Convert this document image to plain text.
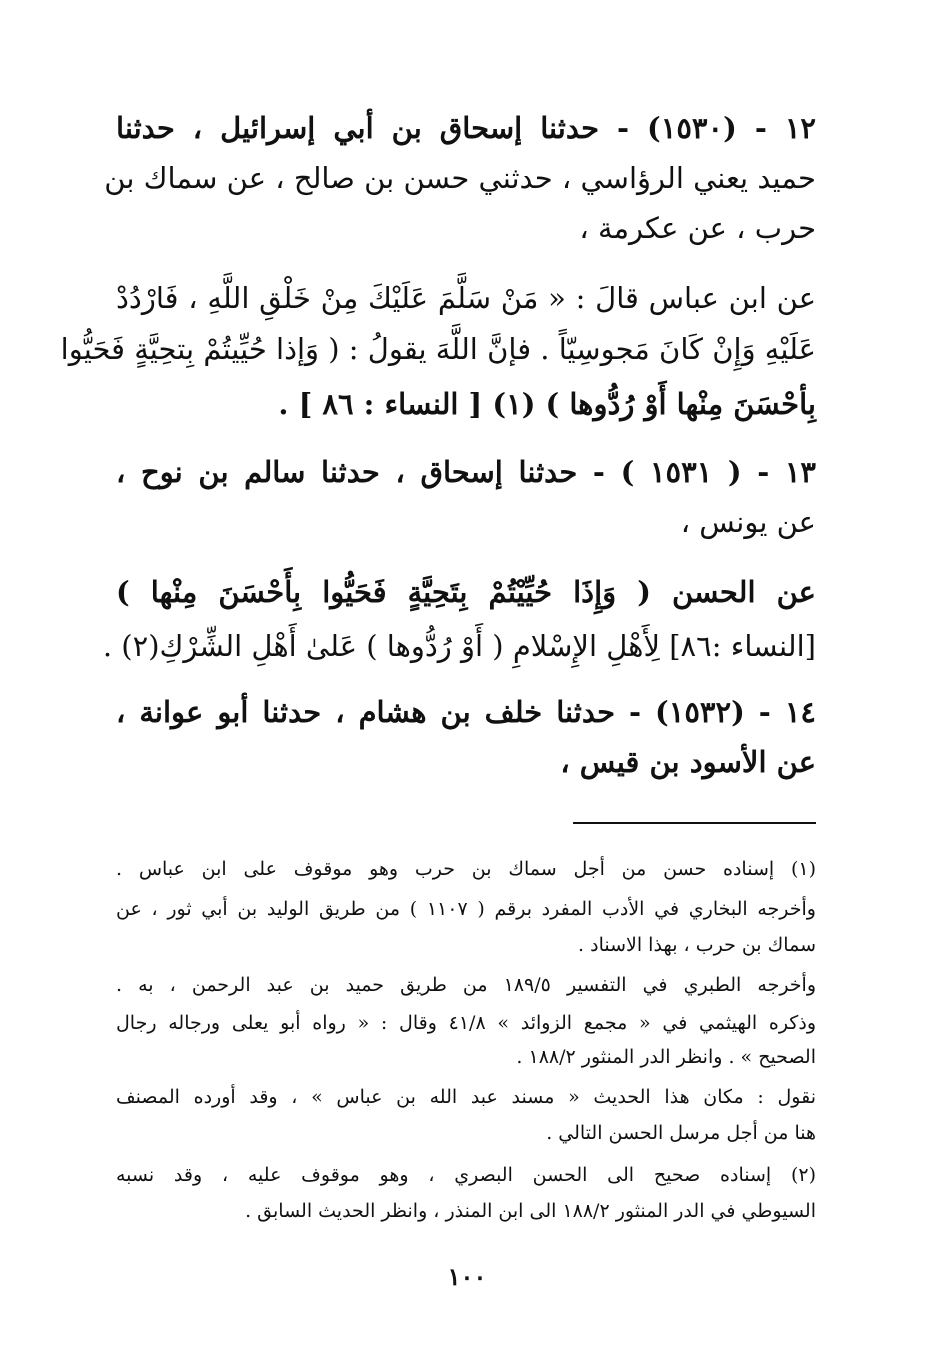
١٢ - (١٥٣٠) - حدثنا إسحاق بن أبي إسرائيل ، حدثنا
حميد يعني الرؤاسي ، حدثني حسن بن صالح ، عن سماك بن
حرب ، عن عكرمة ،
عن ابن عباس قالَ : « مَنْ سَلَّمَ عَلَيْكَ مِنْ خَلْقِ اللَّهِ ، فَارْدُدْ
عَلَيْهِ وَإِنْ كَانَ مَجوسِيّاً . فإنَّ اللَّهَ يقولُ : ( وَإذا حُيِّيتُمْ بِتحِيَّةٍ فَحَيُّوا
بِأحْسَنَ مِنْها أَوْ رُدُّوها ) (١) [ النساء : ٨٦ ] .
١٣ - ( ١٥٣١ ) - حدثنا إسحاق ، حدثنا سالم بن نوح ،
عن يونس ،
عن الحسن ( وَإِذَا حُيِّيْتُمْ بِتَحِيَّةٍ فَحَيُّوا بِأَحْسَنَ مِنْها )
[النساء :٨٦] لِأَهْلِ الإِسْلامِ ( أَوْ رُدُّوها ) عَلىٰ أَهْلِ الشِّرْكِ(٢) .
١٤ - (١٥٣٢) - حدثنا خلف بن هشام ، حدثنا أبو عوانة ،
عن الأسود بن قيس ،
(١) إسناده حسن من أجل سماك بن حرب وهو موقوف على ابن عباس .
وأخرجه البخاري في الأدب المفرد برقم ( ١١٠٧ ) من طريق الوليد بن أبي ثور ، عن
سماك بن حرب ، بهذا الاسناد .
وأخرجه الطبري في التفسير ١٨٩/٥ من طريق حميد بن عبد الرحمن ، به .
وذكره الهيثمي في « مجمع الزوائد » ٤١/٨ وقال : « رواه أبو يعلى ورجاله رجال
الصحيح » . وانظر الدر المنثور ١٨٨/٢ .
نقول : مكان هذا الحديث « مسند عبد الله بن عباس » ، وقد أورده المصنف
هنا من أجل مرسل الحسن التالي .
(٢) إسناده صحيح الى الحسن البصري ، وهو موقوف عليه ، وقد نسبه
السيوطي في الدر المنثور ١٨٨/٢ الى ابن المنذر ، وانظر الحديث السابق .
١٠٠
